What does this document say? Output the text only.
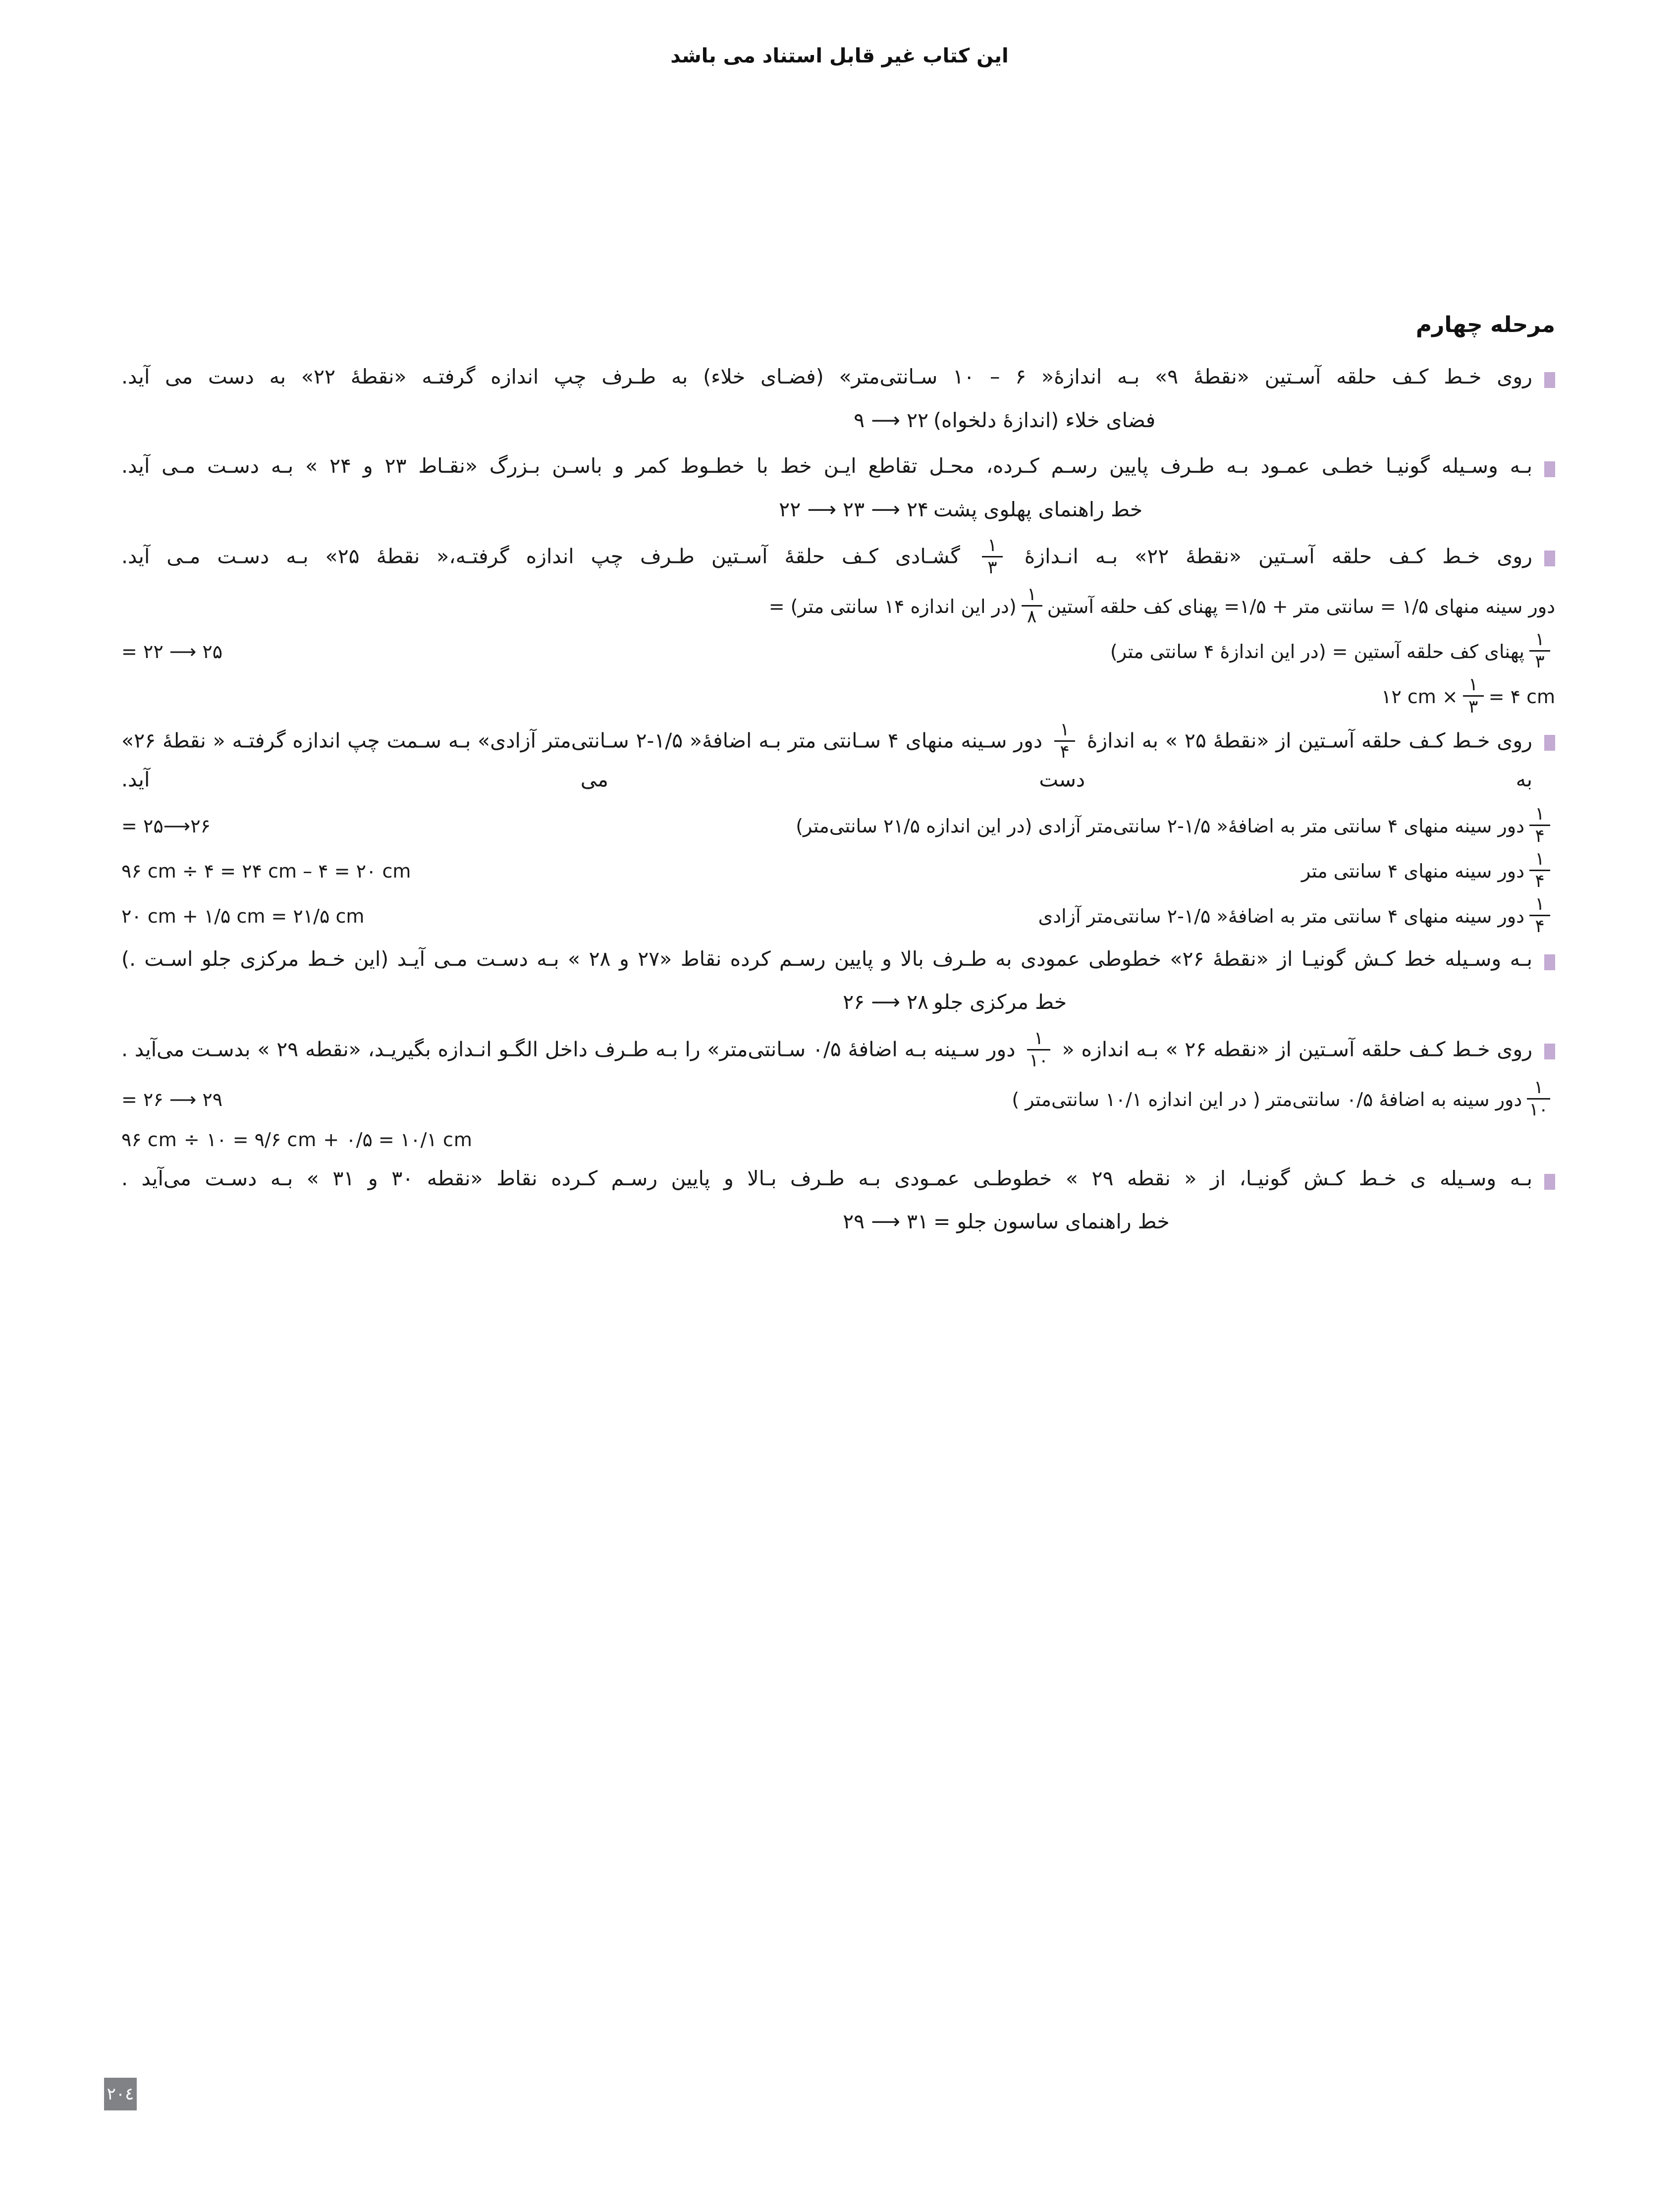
این کتاب غیر قابل استناد می باشد
مرحله چهارم

روی خـط کـف حلقه آسـتین «نقطهٔ ۹» بـه اندازهٔ« ۶ – ۱۰ سـانتی‌متر» (فضـای خلاء) به طـرف چپ اندازه گرفتـه «نقطهٔ ۲۲» به دست می آید.

فضای خلاء (اندازهٔ دلخواه)
۹ ⟶ ۲۲

بـه وسـیله گونیـا خطـی عمـود بـه طـرف پایین رسـم کـرده، محـل تقاطع ایـن خط با خطـوط کمر و باسـن بـزرگ «نقـاط ۲۳ و ۲۴ » بـه دسـت مـی آید.

خط راهنمای پهلوی پشت
۲۲ ⟶ ۲۳ ⟶ ۲۴

روی خـط کـف حلقه آسـتین «نقطهٔ ۲۲» بـه انـدازهٔ
$\frac{۱}{۳}$
گشـادی کـف حلقهٔ آسـتین طـرف چپ اندازه گرفتـه،« نقطهٔ ۲۵» بـه دسـت مـی آید.

دور سینه منهای ۱/۵ = سانتی متر + ۱/۵= پهنای کف حلقه آستین
$\frac{۱}{۸}$
(در این اندازه ۱۴ سانتی متر) =
$\frac{۱}{۳}$
پهنای کف حلقه آستین = (در این اندازهٔ ۴ سانتی متر)
= ۲۲ ⟶ ۲۵
۱۲ cm × $\frac{۱}{۳}$ = ۴ cm

روی خـط کـف حلقه آسـتین از «نقطهٔ ۲۵ » به اندازهٔ
$\frac{۱}{۴}$
دور سـینه منهای ۴ سـانتی متر بـه اضافهٔ« ۱/۵-۲ سـانتی‌متر آزادی» بـه سـمت چپ اندازه گرفتـه « نقطهٔ ۲۶» به دست می آید.

$\frac{۱}{۴}$
دور سینه منهای ۴ سانتی متر به اضافهٔ« ۱/۵-۲ سانتی‌متر آزادی (در این اندازه ۲۱/۵ سانتی‌متر)
= ۲۵⟶۲۶
$\frac{۱}{۴}$
دور سینه منهای ۴ سانتی متر
۹۶ cm ÷ ۴ = ۲۴ cm – ۴ = ۲۰ cm
$\frac{۱}{۴}$
دور سینه منهای ۴ سانتی متر به اضافهٔ« ۱/۵-۲ سانتی‌متر آزادی
۲۰ cm + ۱/۵ cm = ۲۱/۵ cm

بـه وسـیله خط کـش گونیـا از «نقطهٔ ۲۶» خطوطی عمودی به طـرف بالا و پایین رسـم کرده نقاط «۲۷ و ۲۸ » بـه دسـت مـی آیـد (این خـط مرکزی جلو اسـت .)

خط مرکزی جلو
۲۶ ⟶ ۲۸

روی خـط کـف حلقه آسـتین از «نقطه ۲۶ » بـه اندازه «
$\frac{۱}{۱۰}$
دور سـینه بـه اضافهٔ ۰/۵ سـانتی‌متر» را بـه طـرف داخل الگـو انـدازه بگیریـد، «نقطه ۲۹ » بدسـت می‌آید .

$\frac{۱}{۱۰}$
دور سینه به اضافهٔ ۰/۵ سانتی‌متر ( در این اندازه ۱۰/۱ سانتی‌متر )
= ۲۶ ⟶ ۲۹
۹۶ cm ÷ ۱۰ = ۹/۶ cm + ۰/۵ = ۱۰/۱ cm

بـه وسـیله ی خـط کـش گونیـا، از « نقطه ۲۹ » خطوطـی عمـودی بـه طـرف بـالا و پایین رسـم کـرده نقاط «نقطه ۳۰ و ۳۱ » بـه دسـت می‌آید .

خط راهنمای ساسون جلو =
۲۹ ⟶ ۳۱
٢٠٤
